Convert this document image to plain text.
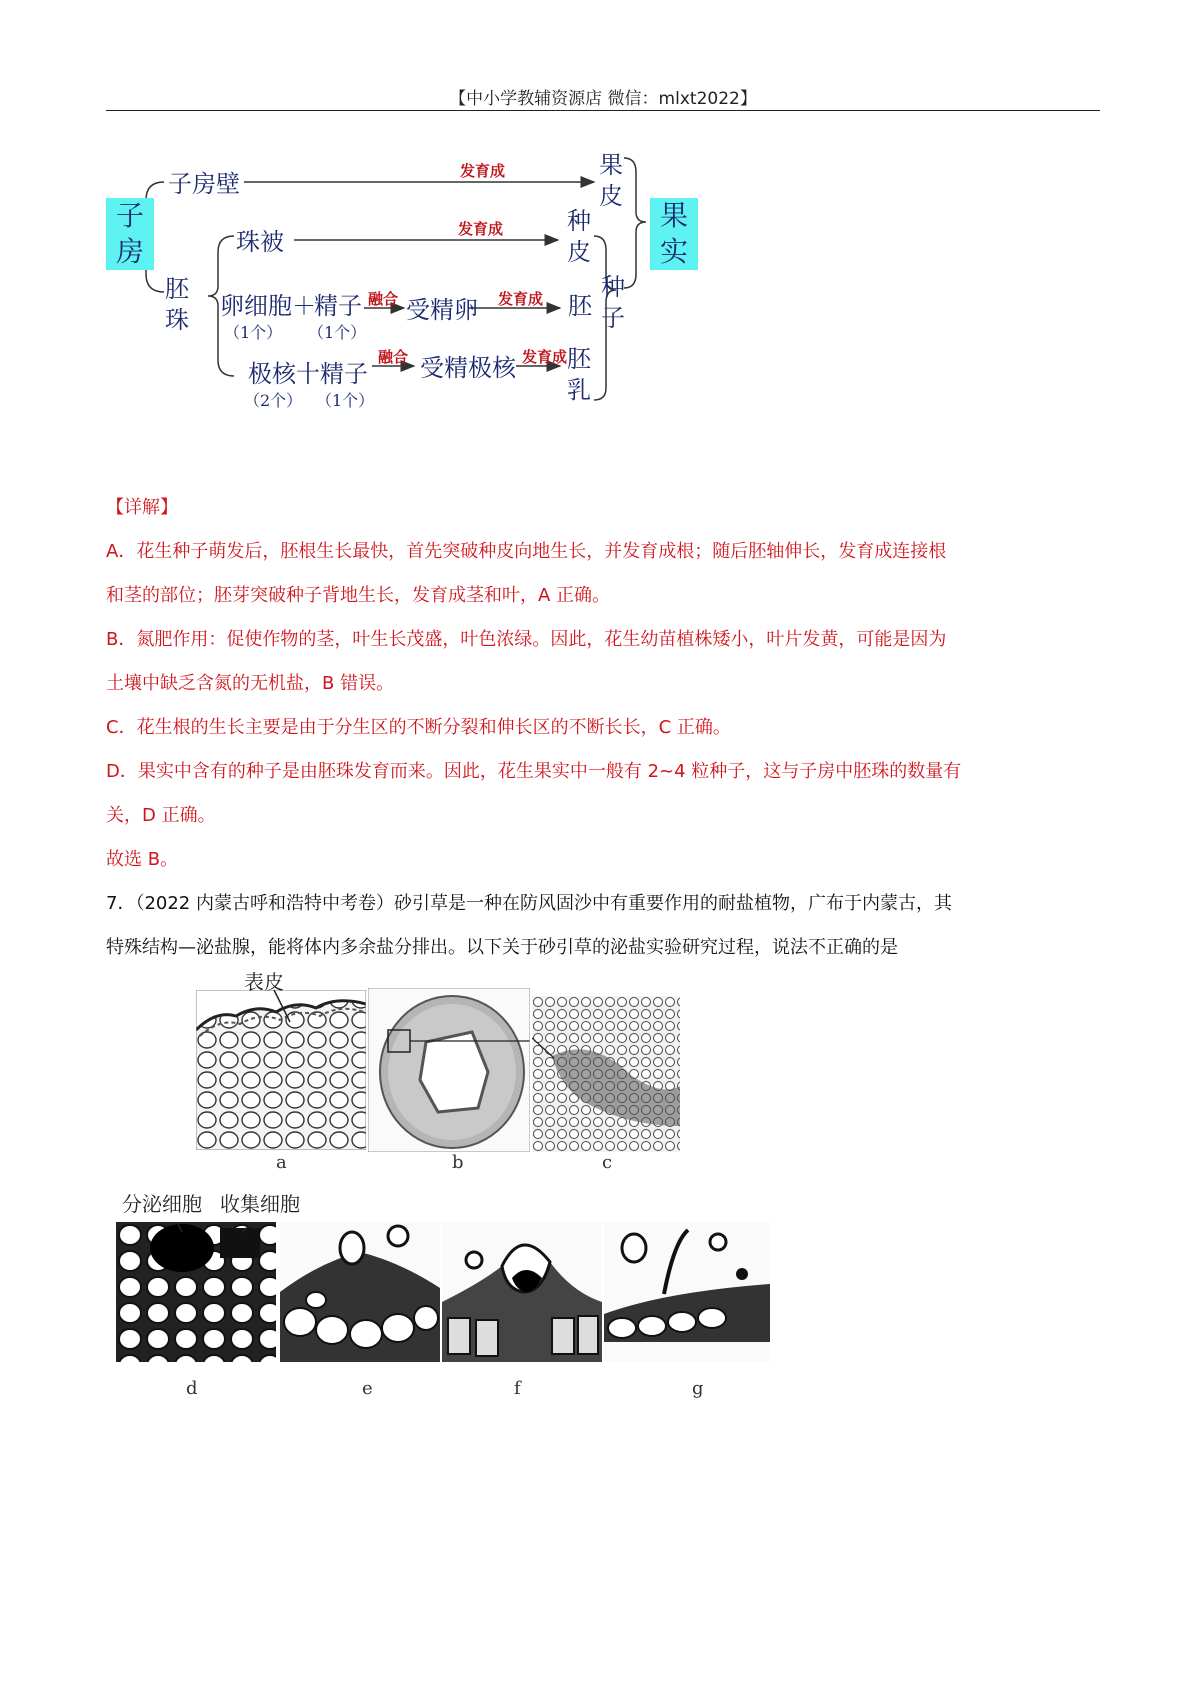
【中小学教辅资源店 微信：mlxt2022】
子房
果实
子房壁	发育成	果皮
珠被	发育成	种皮
胚珠 卵细胞 ＋
精子
（1个） （1个）
融合 受精卵 发育成 胚
种子
极核 十 精子
（2个） （1个）
融合 受精极核 发育成 胚乳
【详解】
A．花生种子萌发后，胚根生长最快，首先突破种皮向地生长，并发育成根；随后胚轴伸长，发育成连接根
和茎的部位；胚芽突破种子背地生长，发育成茎和叶，A 正确。
B．氮肥作用：促使作物的茎，叶生长茂盛，叶色浓绿。因此，花生幼苗植株矮小，叶片发黄，可能是因为
土壤中缺乏含氮的无机盐，B 错误。
C．花生根的生长主要是由于分生区的不断分裂和伸长区的不断长长，C 正确。
D．果实中含有的种子是由胚珠发育而来。因此，花生果实中一般有 2~4 粒种子，这与子房中胚珠的数量有
关，D 正确。
故选 B。
7．（2022 内蒙古呼和浩特中考卷）砂引草是一种在防风固沙中有重要作用的耐盐植物，广布于内蒙古，其
特殊结构—泌盐腺，能将体内多余盐分排出。以下关于砂引草的泌盐实验研究过程，说法不正确的是
a	b	c
表皮
分泌细胞 收集细胞
d	e	f	g
